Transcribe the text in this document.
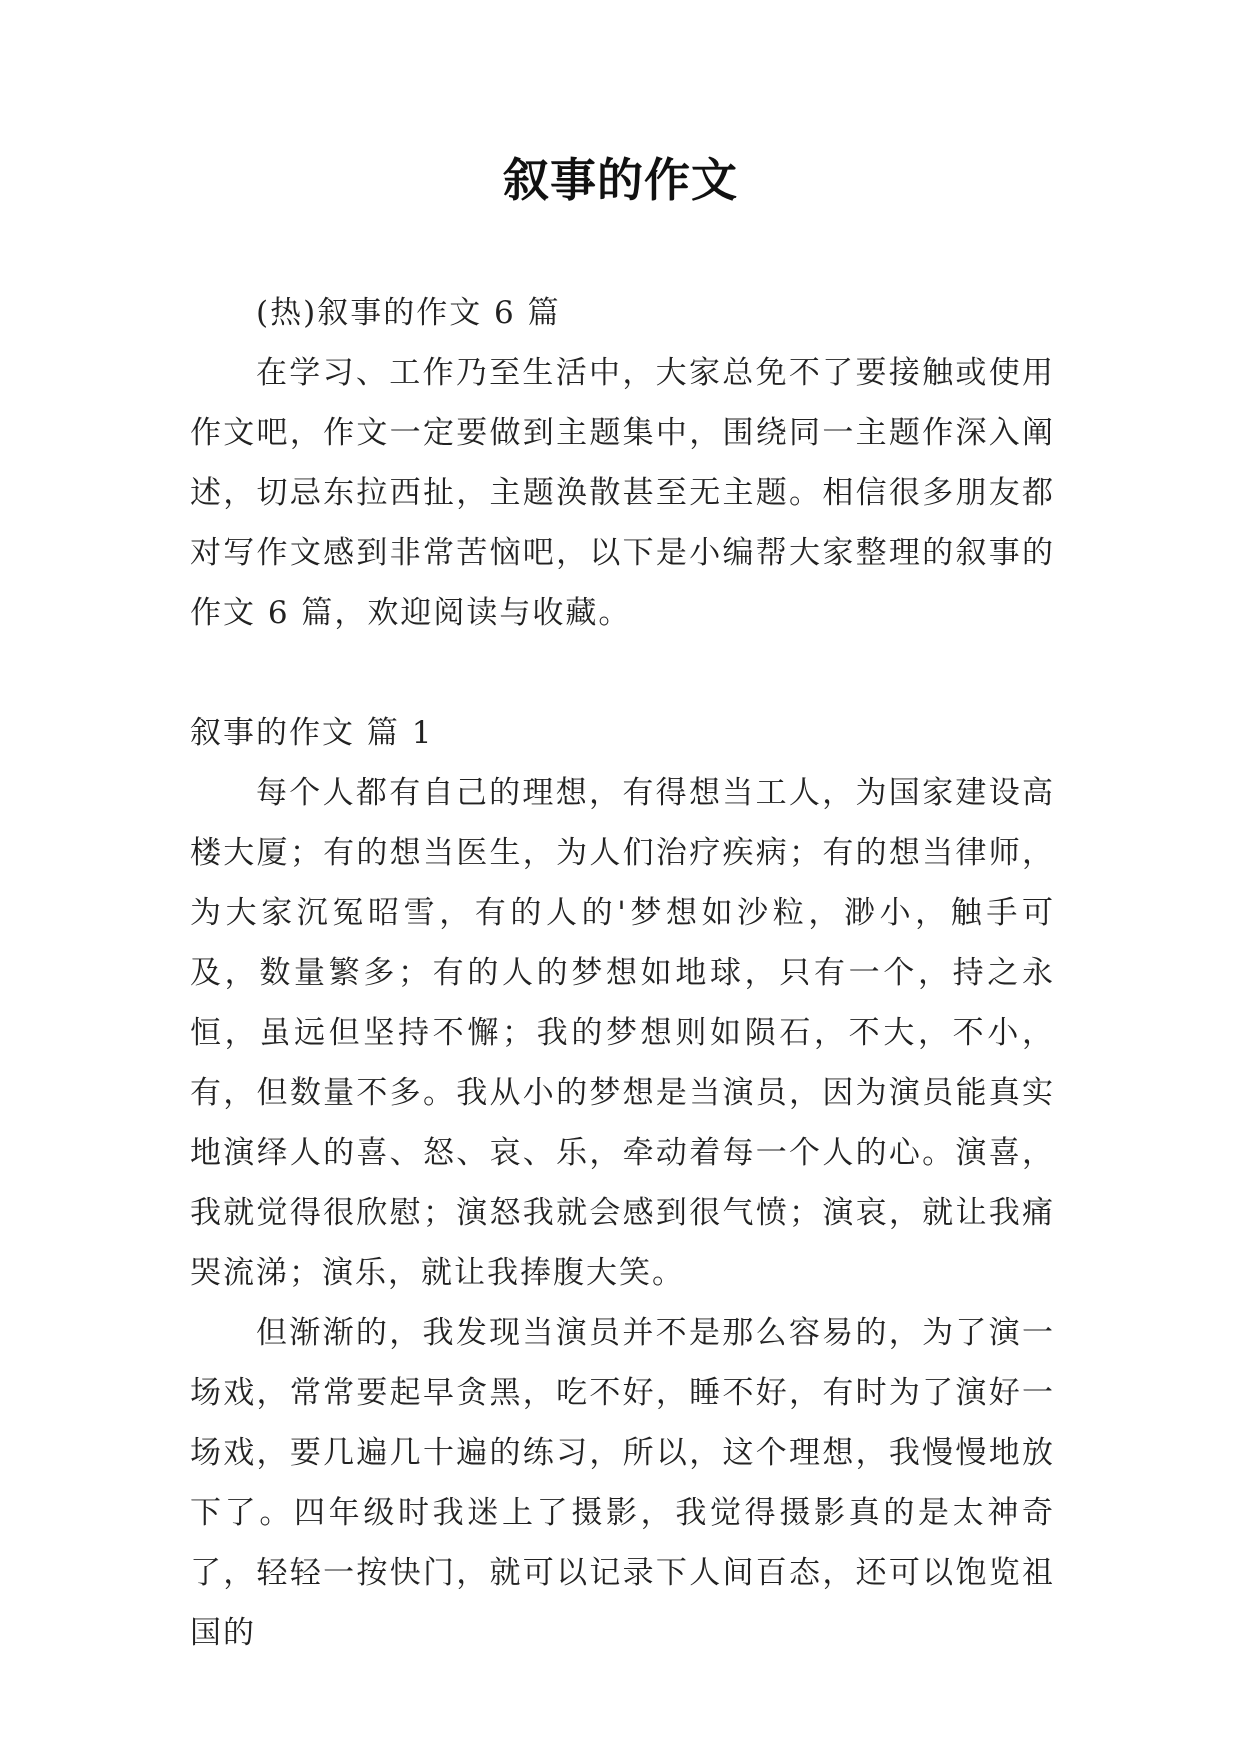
叙事的作文

(热)叙事的作文 6 篇

在学习、工作乃至生活中，大家总免不了要接触或使用作文吧，作文一定要做到主题集中，围绕同一主题作深入阐述，切忌东拉西扯，主题涣散甚至无主题。相信很多朋友都对写作文感到非常苦恼吧，以下是小编帮大家整理的叙事的作文 6 篇，欢迎阅读与收藏。

叙事的作文 篇 1

每个人都有自己的理想，有得想当工人，为国家建设高楼大厦；有的想当医生，为人们治疗疾病；有的想当律师，为大家沉冤昭雪，有的人的'梦想如沙粒，渺小，触手可及，数量繁多；有的人的梦想如地球，只有一个，持之永恒，虽远但坚持不懈；我的梦想则如陨石，不大，不小，有，但数量不多。我从小的梦想是当演员，因为演员能真实地演绎人的喜、怒、哀、乐，牵动着每一个人的心。演喜，我就觉得很欣慰；演怒我就会感到很气愤；演哀，就让我痛哭流涕；演乐，就让我捧腹大笑。

但渐渐的，我发现当演员并不是那么容易的，为了演一场戏，常常要起早贪黑，吃不好，睡不好，有时为了演好一场戏，要几遍几十遍的练习，所以，这个理想，我慢慢地放下了。四年级时我迷上了摄影，我觉得摄影真的是太神奇了，轻轻一按快门，就可以记录下人间百态，还可以饱览祖国的
